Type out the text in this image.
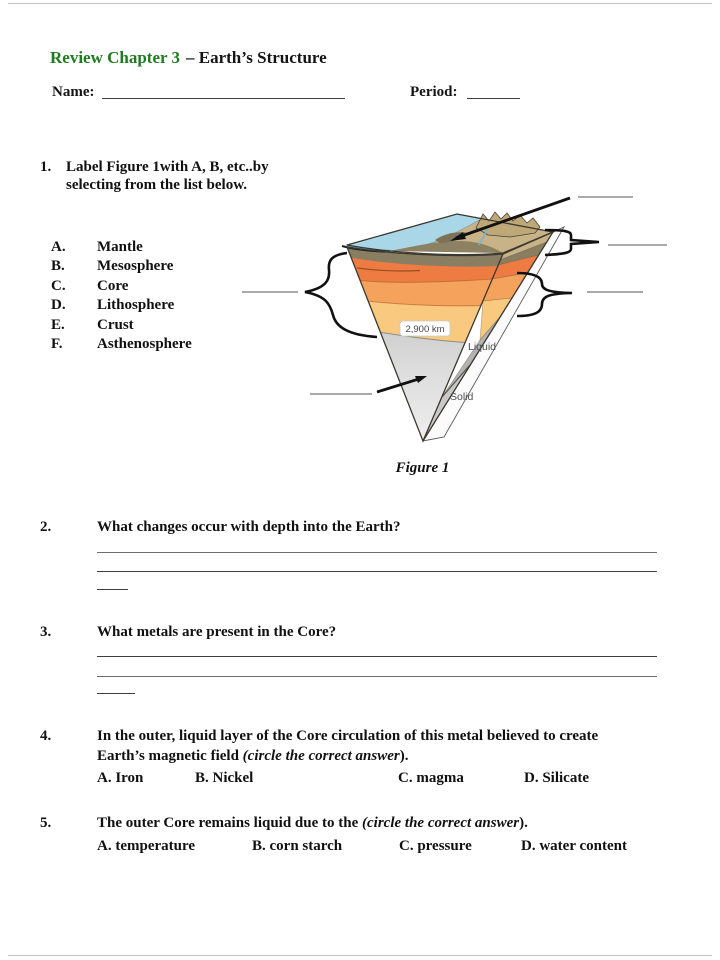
Review Chapter 3 – Earth’s Structure
Name:	Period:
1. Label Figure 1with A, B, etc..by
selecting from the list below.
A. Mantle
B. Mesosphere
C. Core
D. Lithosphere
E. Crust
F. Asthenosphere
2,900 km
Liquid
Solid
Figure 1
2.	What changes occur with depth into the Earth?
3.	What metals are present in the Core?
4.	In the outer, liquid layer of the Core circulation of this metal believed to create
Earth’s magnetic field (circle the correct answer).
A. Iron	B. Nickel	C. magma	D. Silicate
5.	The outer Core remains liquid due to the (circle the correct answer).
A. temperature	B. corn starch	C. pressure	D. water content
